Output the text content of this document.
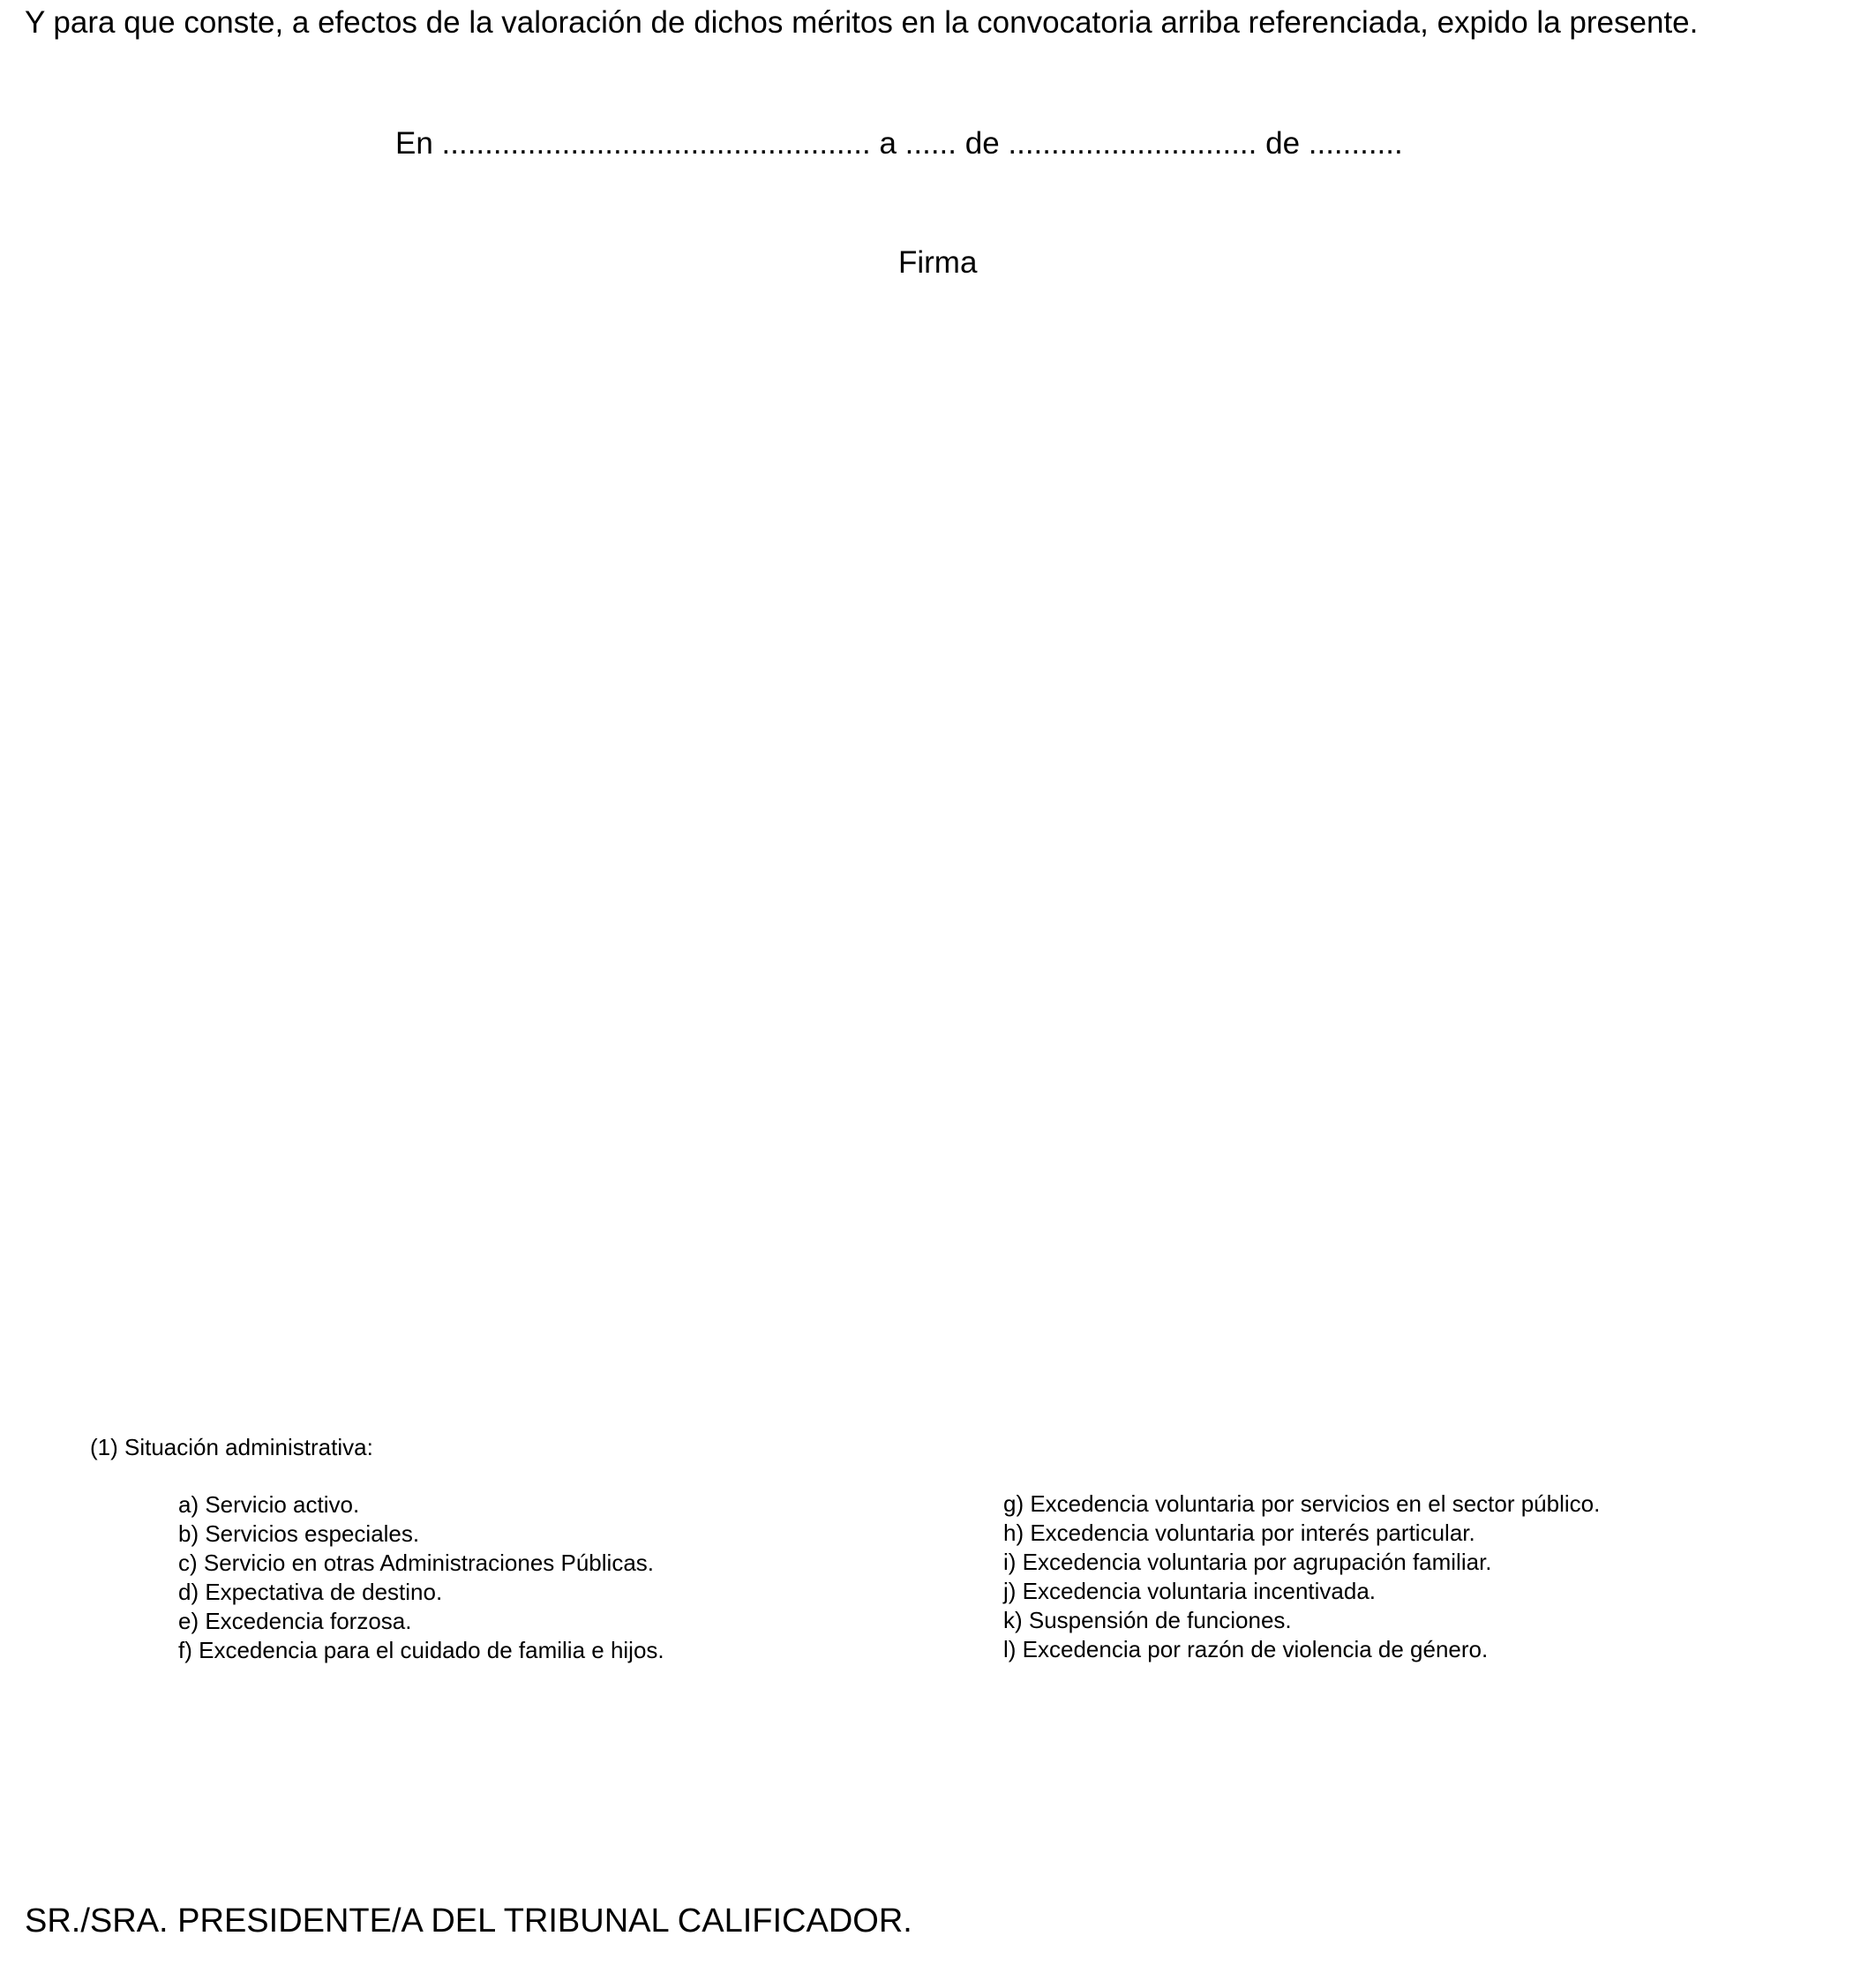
Y para que conste, a efectos de la valoración de dichos méritos en la convocatoria arriba referenciada, expido la presente.
En .................................................. a ...... de ............................. de ...........
Firma
(1) Situación administrativa:
a) Servicio activo.
b) Servicios especiales.
c) Servicio en otras Administraciones Públicas.
d) Expectativa de destino.
e) Excedencia forzosa.
f) Excedencia para el cuidado de familia e hijos.
g) Excedencia voluntaria por servicios en el sector público.
h) Excedencia voluntaria por interés particular.
i) Excedencia voluntaria por agrupación familiar.
j) Excedencia voluntaria incentivada.
k) Suspensión de funciones.
l) Excedencia por razón de violencia de género.
SR./SRA. PRESIDENTE/A DEL TRIBUNAL CALIFICADOR.
